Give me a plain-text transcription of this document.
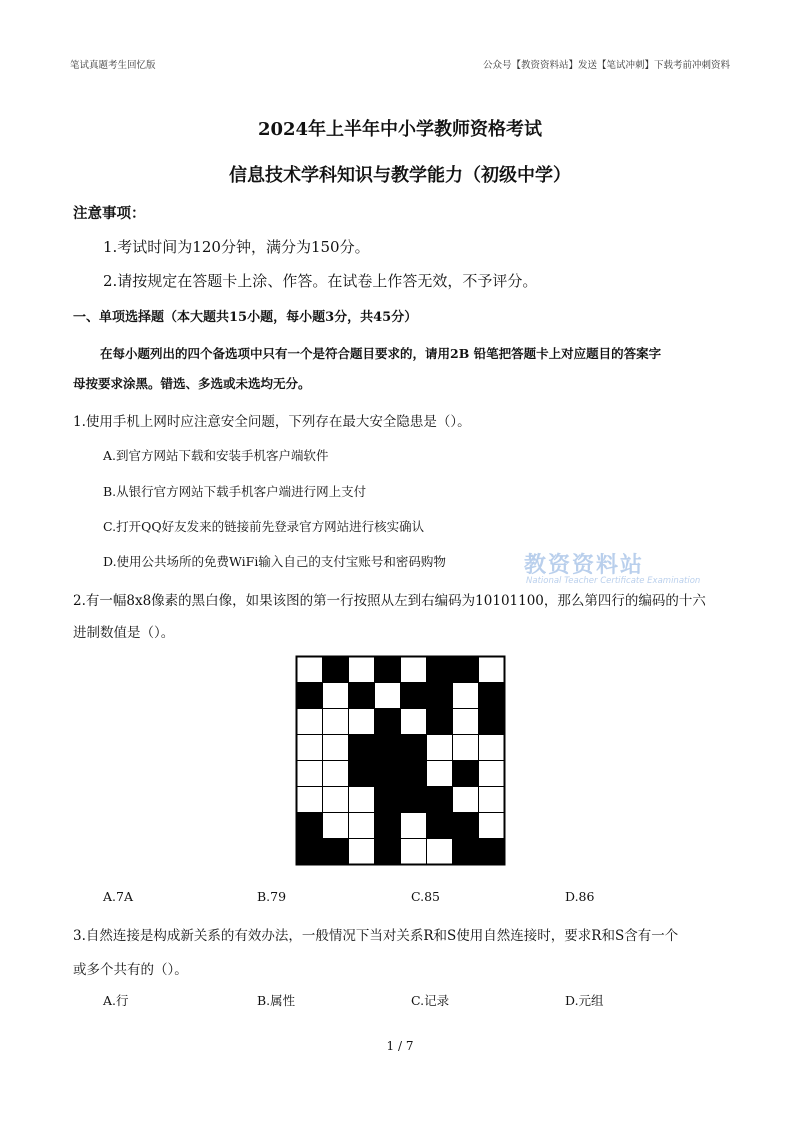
笔试真题考生回忆版	公众号【教资资料站】发送【笔试冲刺】下载考前冲刺资料
2024年上半年中小学教师资格考试
信息技术学科知识与教学能力（初级中学）
注意事项：
1.考试时间为120分钟，满分为150分。
2.请按规定在答题卡上涂、作答。在试卷上作答无效，不予评分。
一、单项选择题（本大题共15小题，每小题3分，共45分）
在每小题列出的四个备选项中只有一个是符合题目要求的，请用2B 铅笔把答题卡上对应题目的答案字
母按要求涂黑。错选、多选或未选均无分。
1.使用手机上网时应注意安全问题，下列存在最大安全隐患是（）。
A.到官方网站下载和安装手机客户端软件
B.从银行官方网站下载手机客户端进行网上支付
C.打开QQ好友发来的链接前先登录官方网站进行核实确认
D.使用公共场所的免费WiFi输入自己的支付宝账号和密码购物	教资资料站
National Teacher Certificate Examination
2.有一幅8x8像素的黑白像，如果该图的第一行按照从左到右编码为10101100，那么第四行的编码的十六
进制数值是（）。
A.7A	B.79	C.85	D.86
3.自然连接是构成新关系的有效办法，一般情况下当对关系R和S使用自然连接时，要求R和S含有一个
或多个共有的（）。
A.行	B.属性	C.记录	D.元组
1 / 7
